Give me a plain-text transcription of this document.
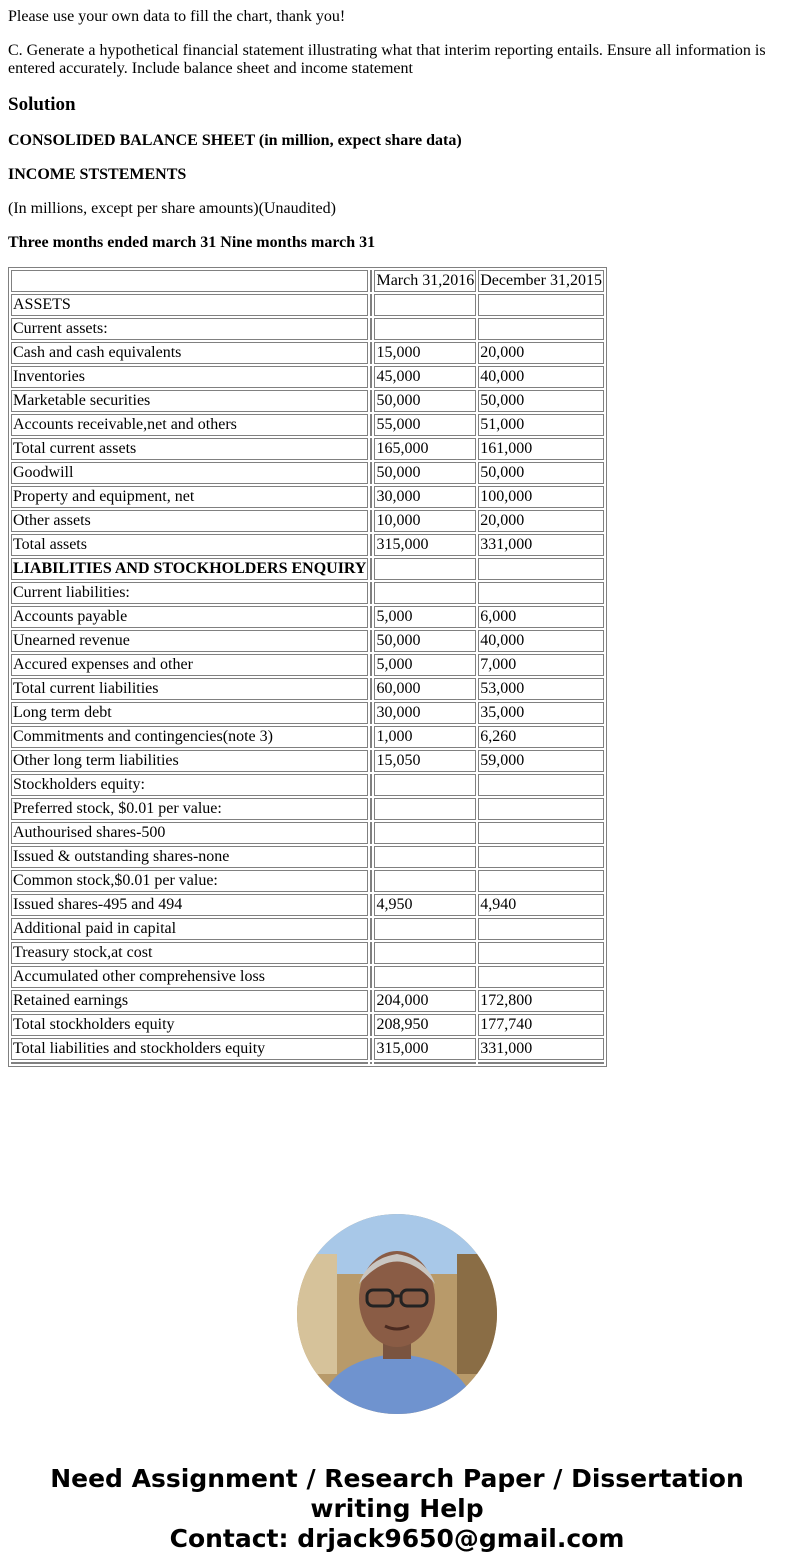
Please use your own data to fill the chart, thank you!

C. Generate a hypothetical financial statement illustrating what that interim reporting entails. Ensure all information is entered accurately. Include balance sheet and income statement

Solution

CONSOLIDED BALANCE SHEET (in million, expect share data)

INCOME STSTEMENTS

(In millions, except per share amounts)(Unaudited)

Three months ended march 31 Nine months march 31

		March 31,2016	December 31,2015
ASSETS			
Current assets:			
Cash and cash equivalents		15,000	20,000
Inventories		45,000	40,000
Marketable securities		50,000	50,000
Accounts receivable,net and others		55,000	51,000
Total current assets		165,000	161,000
Goodwill		50,000	50,000
Property and equipment, net		30,000	100,000
Other assets		10,000	20,000
Total assets		315,000	331,000
LIABILITIES AND STOCKHOLDERS ENQUIRY			
Current liabilities:			
Accounts payable		5,000	6,000
Unearned revenue		50,000	40,000
Accured expenses and other		5,000	7,000
Total current liabilities		60,000	53,000
Long term debt		30,000	35,000
Commitments and contingencies(note 3)		1,000	6,260
Other long term liabilities		15,050	59,000
Stockholders equity:			
Preferred stock, $0.01 per value:			
Authourised shares-500			
Issued & outstanding shares-none			
Common stock,$0.01 per value:			
Issued shares-495 and 494		4,950	4,940
Additional paid in capital			
Treasury stock,at cost			
Accumulated other comprehensive loss			
Retained earnings		204,000	172,800
Total stockholders equity		208,950	177,740
Total liabilities and stockholders equity		315,000	331,000

Need Assignment / Research Paper / Dissertation writing Help
Contact: drjack9650@gmail.com
